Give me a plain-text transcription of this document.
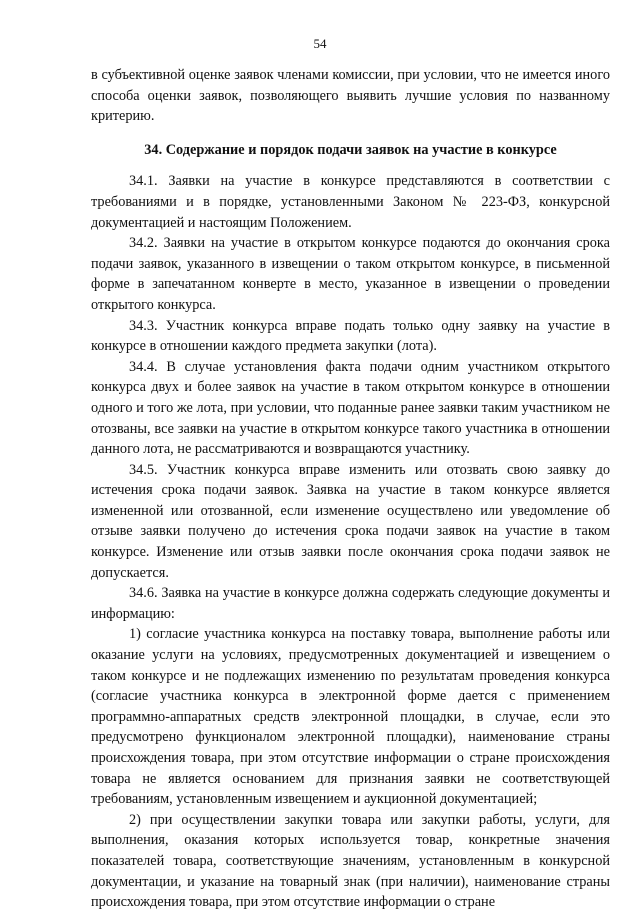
54

в субъективной оценке заявок членами комиссии, при условии, что не имеется иного способа оценки заявок, позволяющего выявить лучшие условия по названному критерию.

34. Содержание и порядок подачи заявок на участие в конкурсе

34.1. Заявки на участие в конкурсе представляются в соответствии с требованиями и в порядке, установленными Законом № 223-ФЗ, конкурсной документацией и настоящим Положением.

34.2. Заявки на участие в открытом конкурсе подаются до окончания срока подачи заявок, указанного в извещении о таком открытом конкурсе, в письменной форме в запечатанном конверте в место, указанное в извещении о проведении открытого конкурса.

34.3. Участник конкурса вправе подать только одну заявку на участие в конкурсе в отношении каждого предмета закупки (лота).

34.4. В случае установления факта подачи одним участником открытого конкурса двух и более заявок на участие в таком открытом конкурсе в отношении одного и того же лота, при условии, что поданные ранее заявки таким участником не отозваны, все заявки на участие в открытом конкурсе такого участника в отношении данного лота, не рассматриваются и возвращаются участнику.

34.5. Участник конкурса вправе изменить или отозвать свою заявку до истечения срока подачи заявок. Заявка на участие в таком конкурсе является измененной или отозванной, если изменение осуществлено или уведомление об отзыве заявки получено до истечения срока подачи заявок на участие в таком конкурсе. Изменение или отзыв заявки после окончания срока подачи заявок не допускается.

34.6. Заявка на участие в конкурсе должна содержать следующие документы и информацию:

1) согласие участника конкурса на поставку товара, выполнение работы или оказание услуги на условиях, предусмотренных документацией и извещением о таком конкурсе и не подлежащих изменению по результатам проведения конкурса (согласие участника конкурса в электронной форме дается с применением программно-аппаратных средств электронной площадки, в случае, если это предусмотрено функционалом электронной площадки), наименование страны происхождения товара, при этом отсутствие информации о стране происхождения товара не является основанием для признания заявки не соответствующей требованиям, установленным извещением и аукционной документацией;

2) при осуществлении закупки товара или закупки работы, услуги, для выполнения, оказания которых используется товар, конкретные значения показателей товара, соответствующие значениям, установленным в конкурсной документации, и указание на товарный знак (при наличии), наименование страны происхождения товара, при этом отсутствие информации о стране
